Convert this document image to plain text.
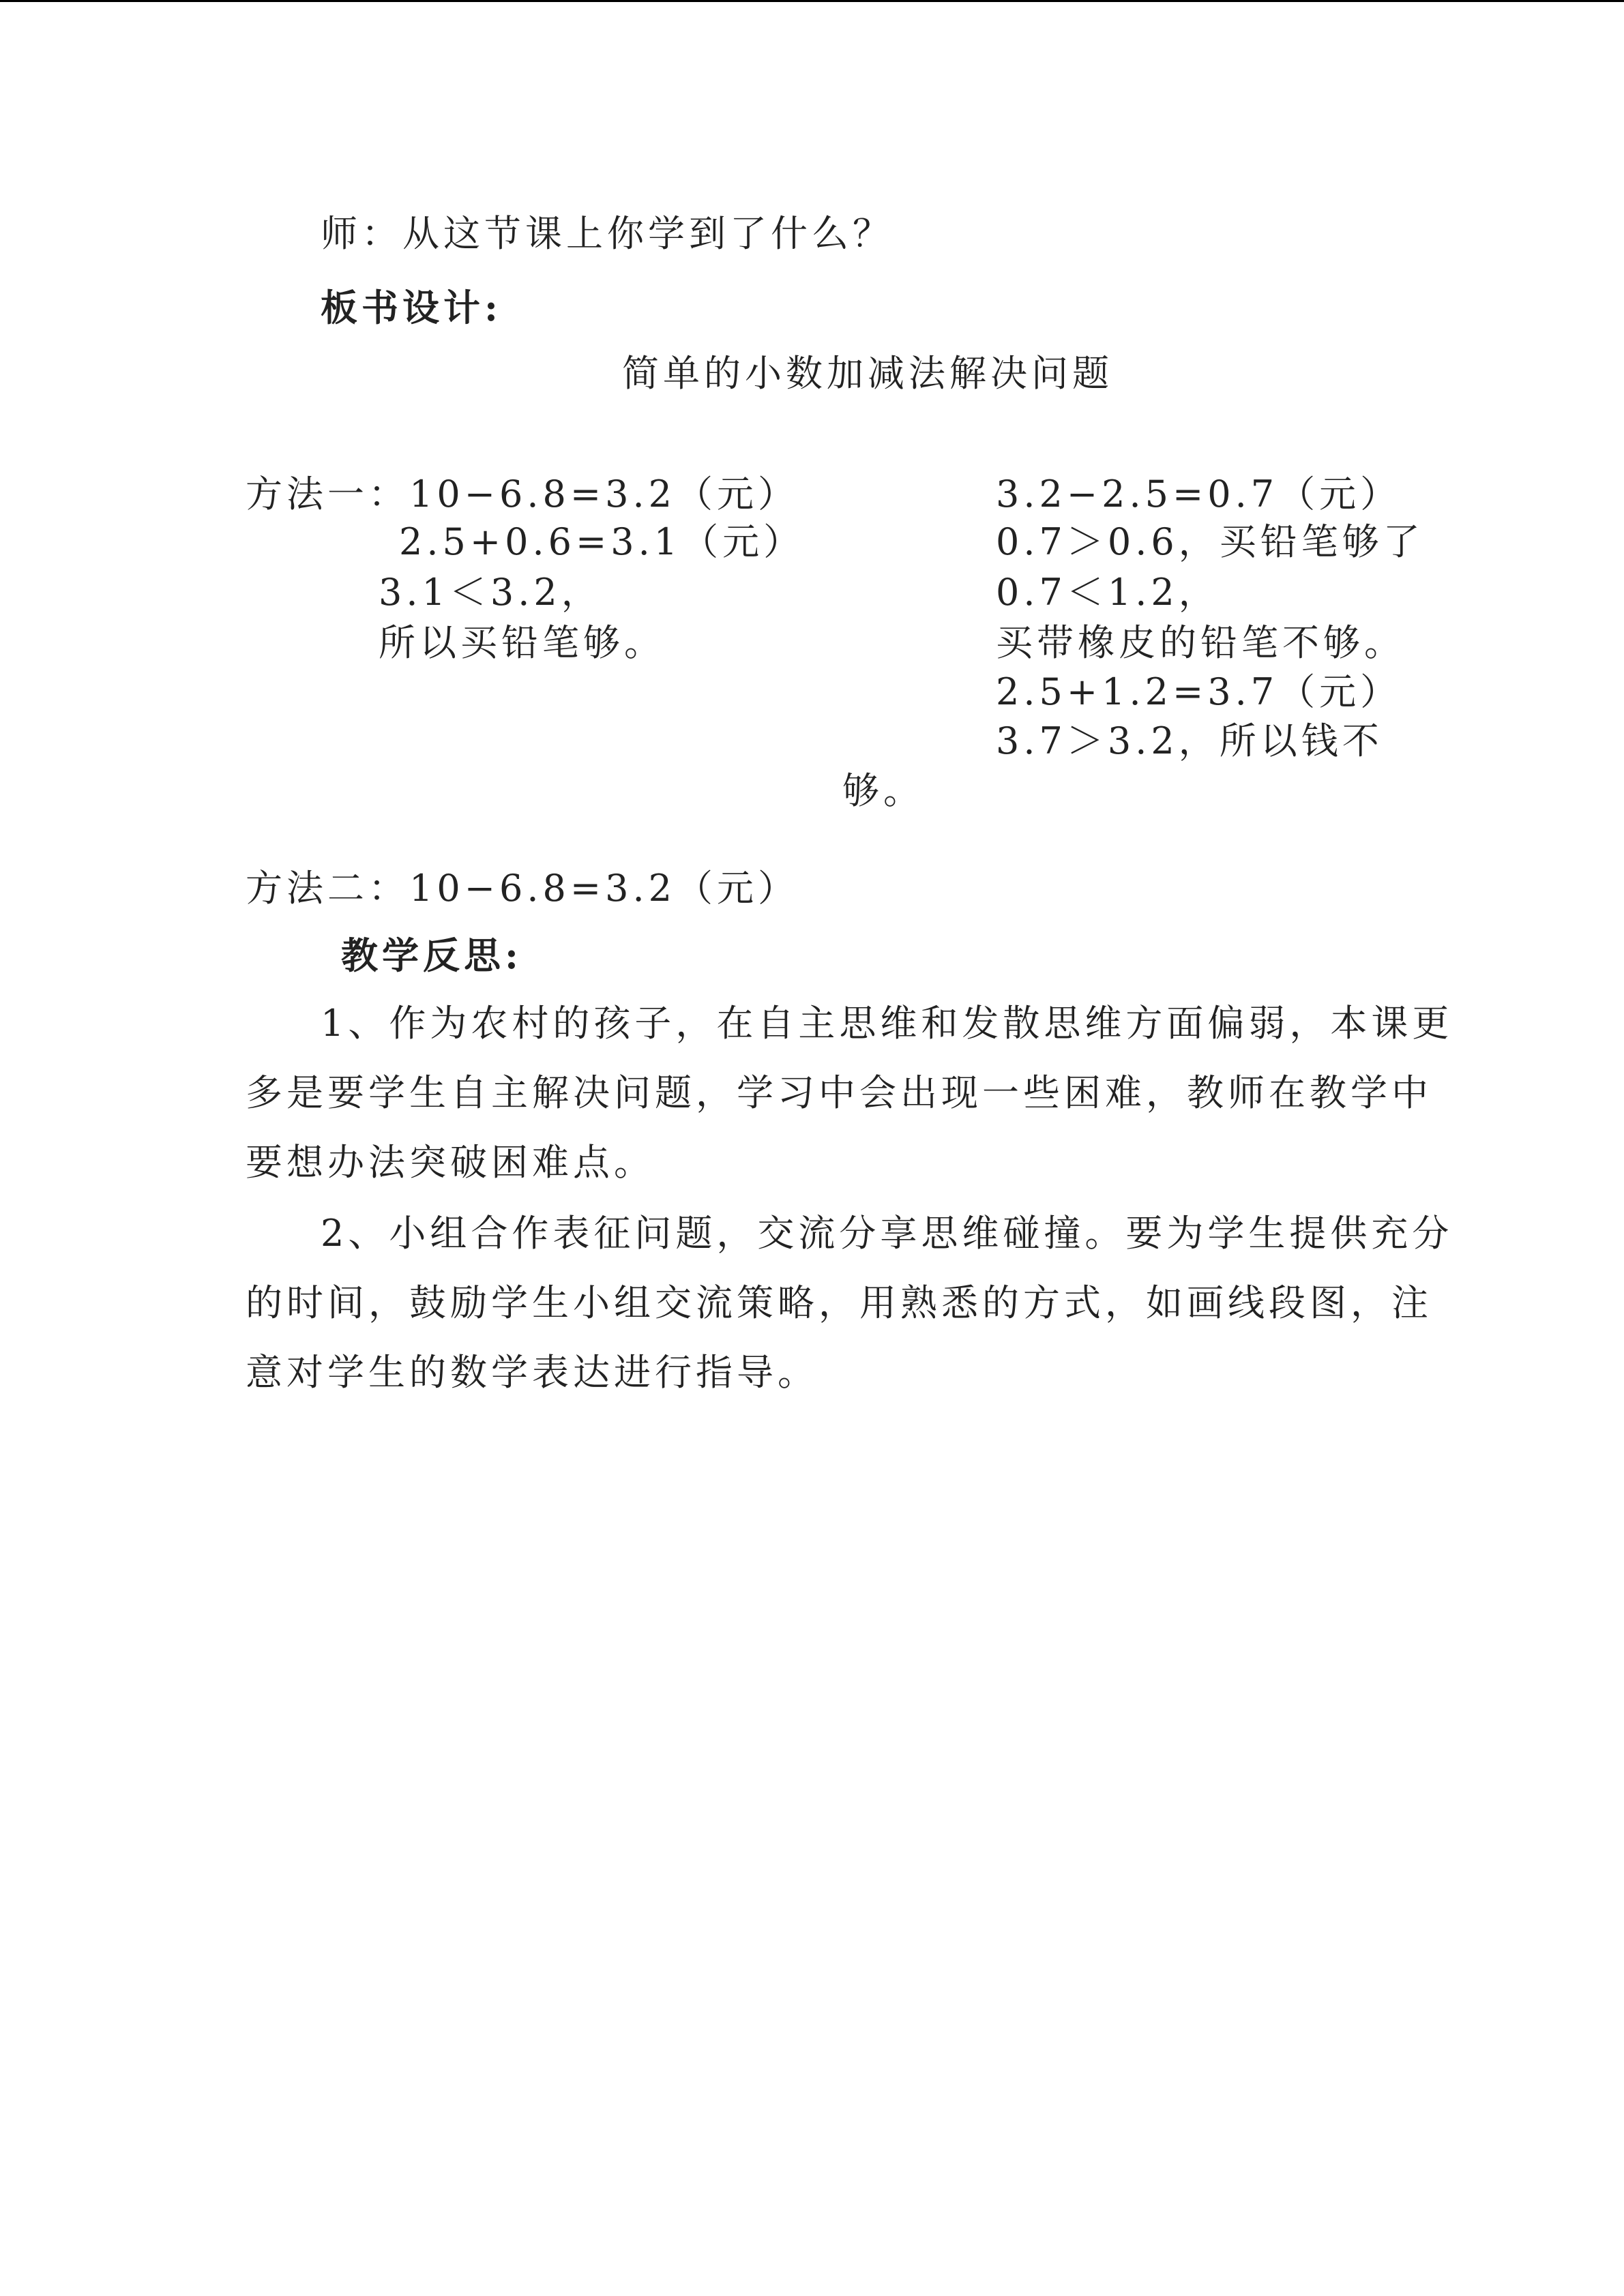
师：从这节课上你学到了什么？
板书设计:
简单的小数加减法解决问题
方法一：10−6.8=3.2（元）
2.5+0.6=3.1（元）
3.1＜3.2，
所以买铅笔够。
3.2−2.5=0.7（元）
0.7＞0.6，买铅笔够了
0.7＜1.2，
买带橡皮的铅笔不够。
2.5+1.2=3.7（元）
3.7＞3.2，所以钱不
够。
方法二：10−6.8=3.2（元）
教学反思:
1、作为农村的孩子，在自主思维和发散思维方面偏弱，本课更
多是要学生自主解决问题，学习中会出现一些困难，教师在教学中
要想办法突破困难点。
2、小组合作表征问题，交流分享思维碰撞。要为学生提供充分
的时间，鼓励学生小组交流策略，用熟悉的方式，如画线段图，注
意对学生的数学表达进行指导。
